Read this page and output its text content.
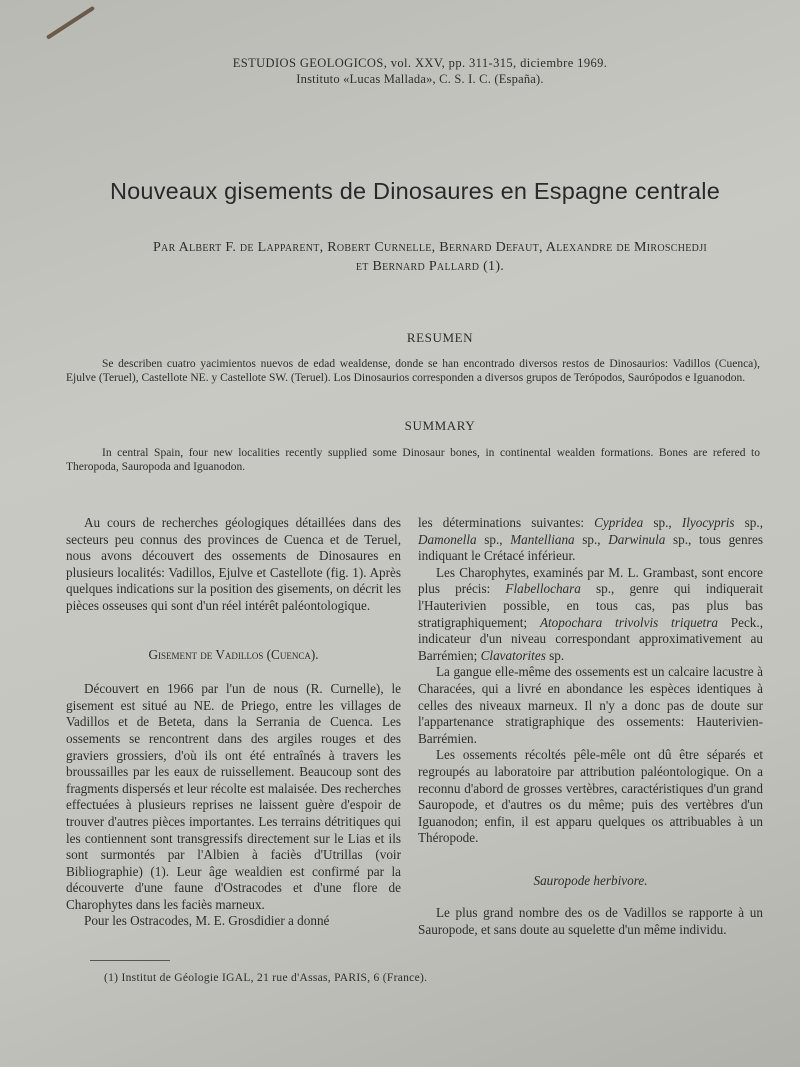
ESTUDIOS GEOLOGICOS, vol. XXV, pp. 311-315, diciembre 1969.
Instituto «Lucas Mallada», C. S. I. C. (España).
Nouveaux gisements de Dinosaures en Espagne centrale
Par Albert F. de Lapparent, Robert Curnelle, Bernard Defaut, Alexandre de Miroschedji
et Bernard Pallard (1).
RESUMEN
Se describen cuatro yacimientos nuevos de edad wealdense, donde se han encontrado diversos restos de Dinosaurios: Vadillos (Cuenca), Ejulve (Teruel), Castellote NE. y Castellote SW. (Teruel). Los Dinosaurios corresponden a diversos grupos de Terópodos, Saurópodos e Iguanodon.
SUMMARY
In central Spain, four new localities recently supplied some Dinosaur bones, in continental wealden formations. Bones are refered to Theropoda, Sauropoda and Iguanodon.

Au cours de recherches géologiques détaillées dans des secteurs peu connus des provinces de Cuenca et de Teruel, nous avons découvert des ossements de Dinosaures en plusieurs localités: Vadillos, Ejulve et Castellote (fig. 1). Après quelques indications sur la position des gisements, on décrit les pièces osseuses qui sont d'un réel intérêt paléontologique.

Gisement de Vadillos (Cuenca).

Découvert en 1966 par l'un de nous (R. Curnelle), le gisement est situé au NE. de Priego, entre les villages de Vadillos et de Beteta, dans la Serrania de Cuenca. Les ossements se rencontrent dans des argiles rouges et des graviers grossiers, d'où ils ont été entraînés à travers les broussailles par les eaux de ruissellement. Beaucoup sont des fragments dispersés et leur récolte est malaisée. Des recherches effectuées à plusieurs reprises ne laissent guère d'espoir de trouver d'autres pièces importantes. Les terrains détritiques qui les contiennent sont transgressifs directement sur le Lias et ils sont surmontés par l'Albien à faciès d'Utrillas (voir Bibliographie) (1). Leur âge wealdien est confirmé par la découverte d'une faune d'Ostracodes et d'une flore de Charophytes dans les faciès marneux.

Pour les Ostracodes, M. E. Grosdidier a donné

les déterminations suivantes: Cypridea sp., Ilyocypris sp., Damonella sp., Mantelliana sp., Darwinula sp., tous genres indiquant le Crétacé inférieur.

Les Charophytes, examinés par M. L. Grambast, sont encore plus précis: Flabellochara sp., genre qui indiquerait l'Hauterivien possible, en tous cas, pas plus bas stratigraphiquement; Atopochara trivolvis triquetra Peck., indicateur d'un niveau correspondant approximativement au Barrémien; Clavatorites sp.

La gangue elle-même des ossements est un calcaire lacustre à Characées, qui a livré en abondance les espèces identiques à celles des niveaux marneux. Il n'y a donc pas de doute sur l'appartenance stratigraphique des ossements: Hauterivien-Barrémien.

Les ossements récoltés pêle-mêle ont dû être séparés et regroupés au laboratoire par attribution paléontologique. On a reconnu d'abord de grosses vertèbres, caractéristiques d'un grand Sauropode, et d'autres os du même; puis des vertèbres d'un Iguanodon; enfin, il est apparu quelques os attribuables à un Théropode.

Sauropode herbivore.

Le plus grand nombre des os de Vadillos se rapporte à un Sauropode, et sans doute au squelette d'un même individu.

(1) Institut de Géologie IGAL, 21 rue d'Assas, PARIS, 6 (France).
